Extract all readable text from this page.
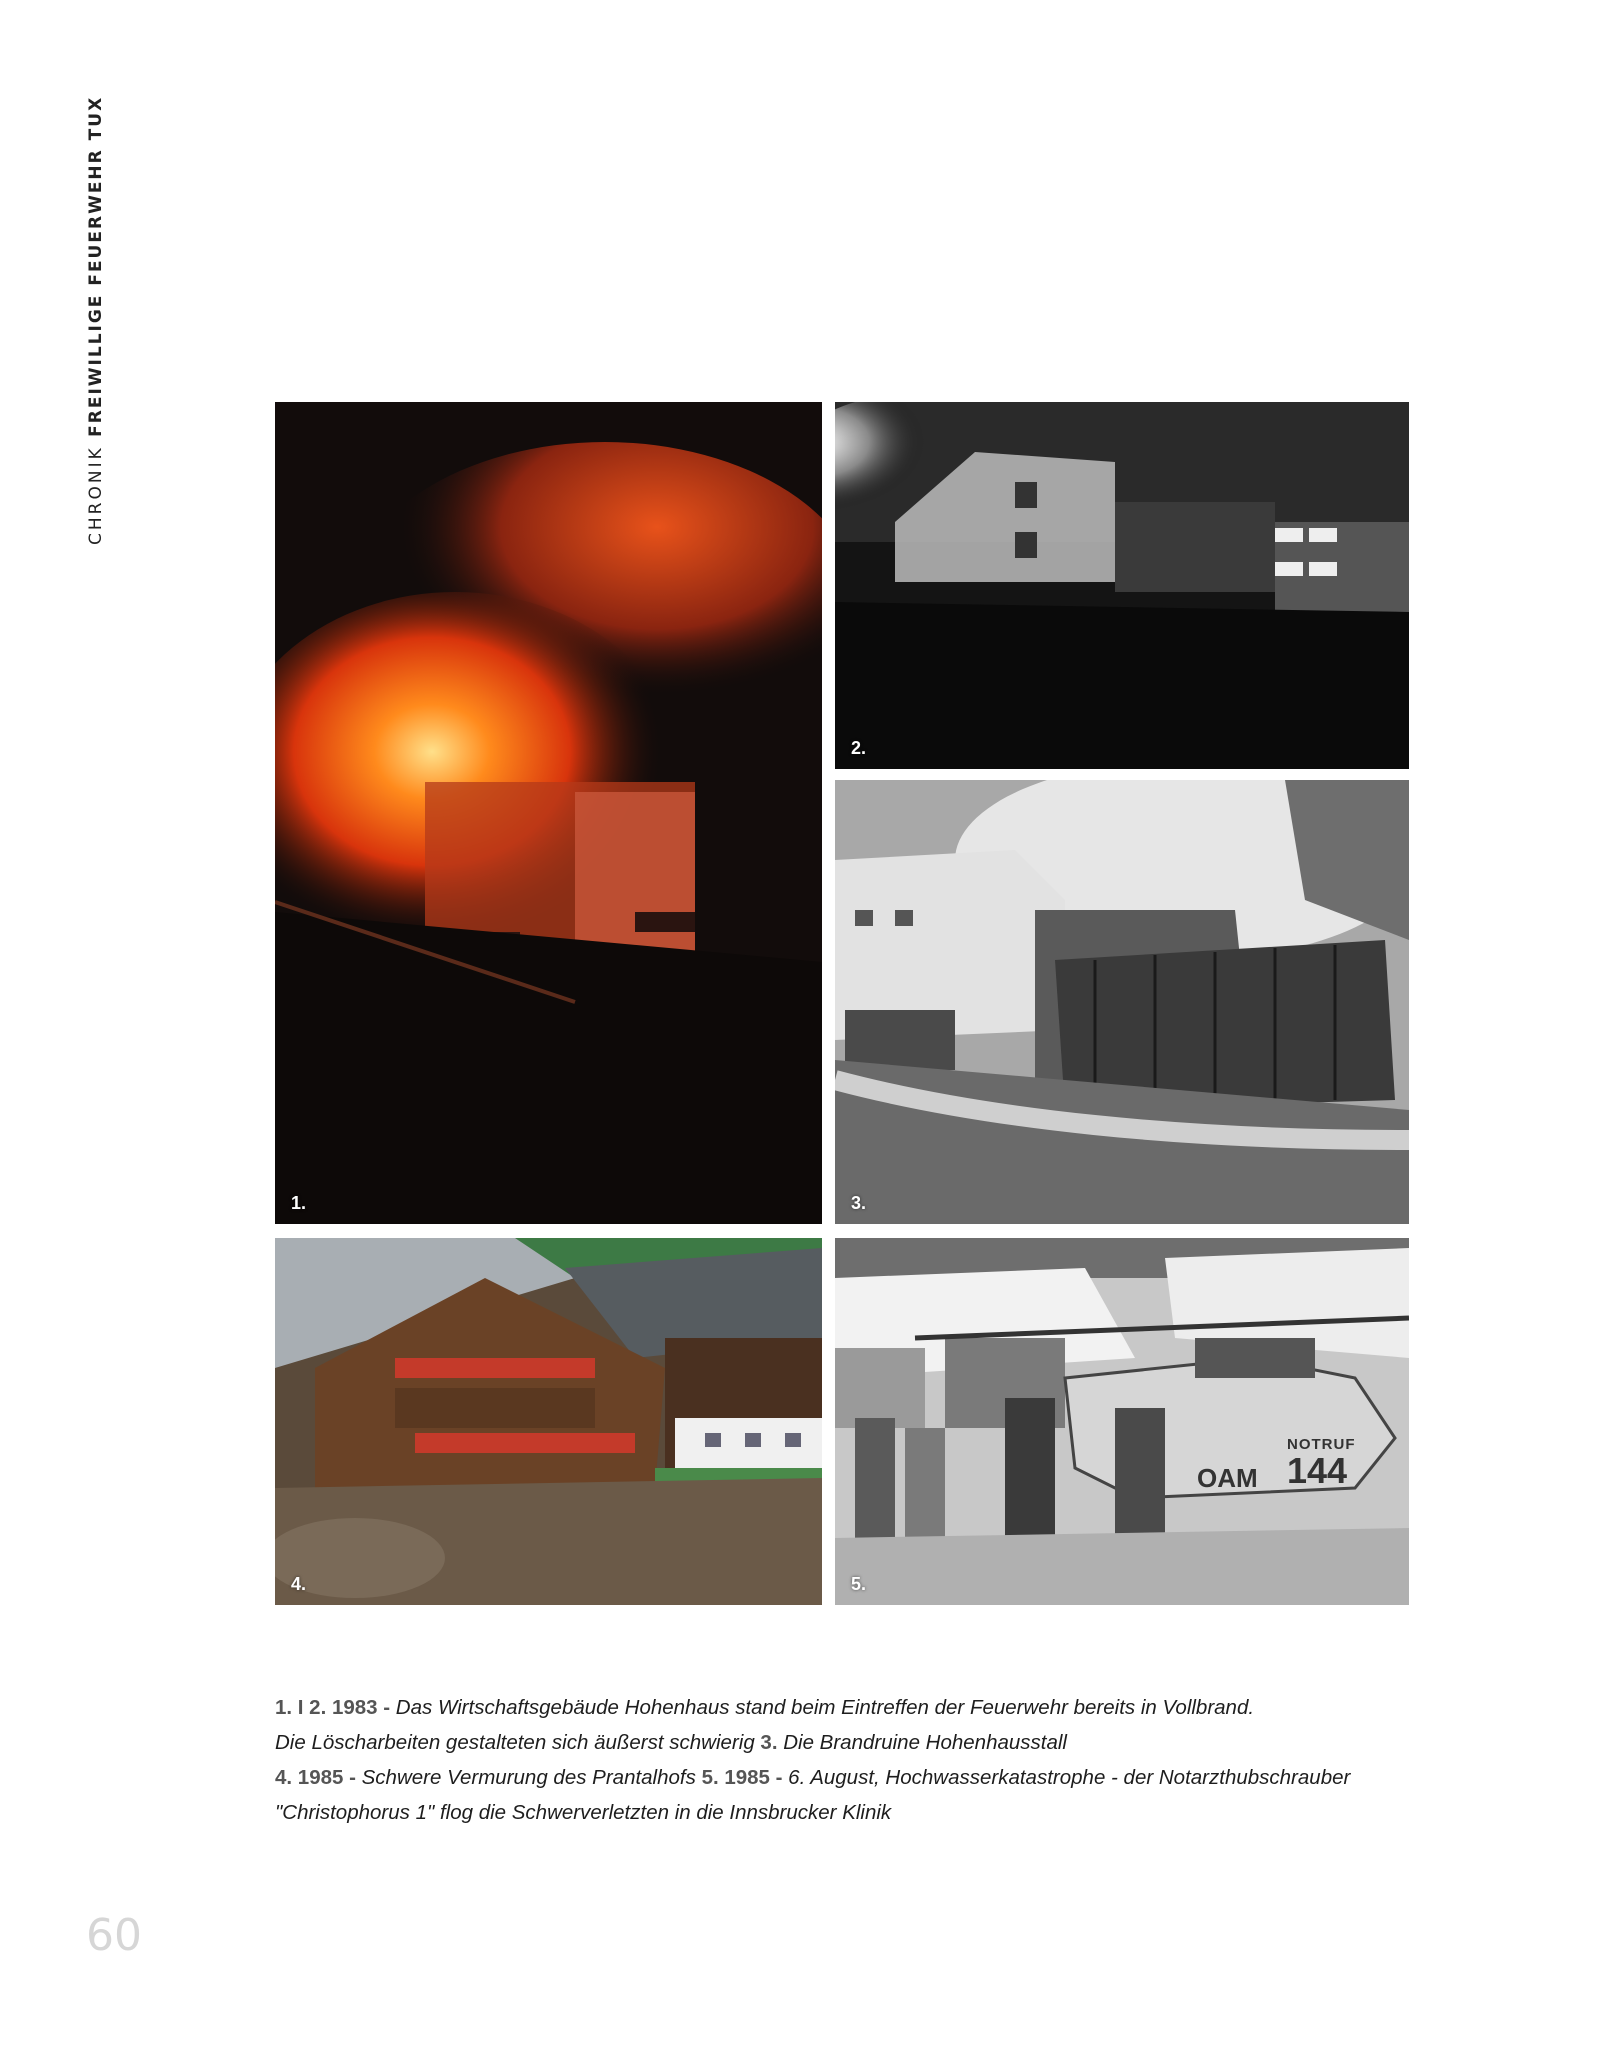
CHRONIK FREIWILLIGE FEUERWEHR TUX
1.
2.
3.
4.
NOTRUF
144
OAM
5.
1. I 2. 1983 - Das Wirtschaftsgebäude Hohenhaus stand beim Eintreffen der Feuerwehr bereits in Vollbrand.
Die Löscharbeiten gestalteten sich äußerst schwierig 3. Die Brandruine Hohenhausstall
4. 1985 - Schwere Vermurung des Prantalhofs 5. 1985 - 6. August, Hochwasserkatastrophe - der Notarzthubschrauber
"Christophorus 1" flog die Schwerverletzten in die Innsbrucker Klinik
60
